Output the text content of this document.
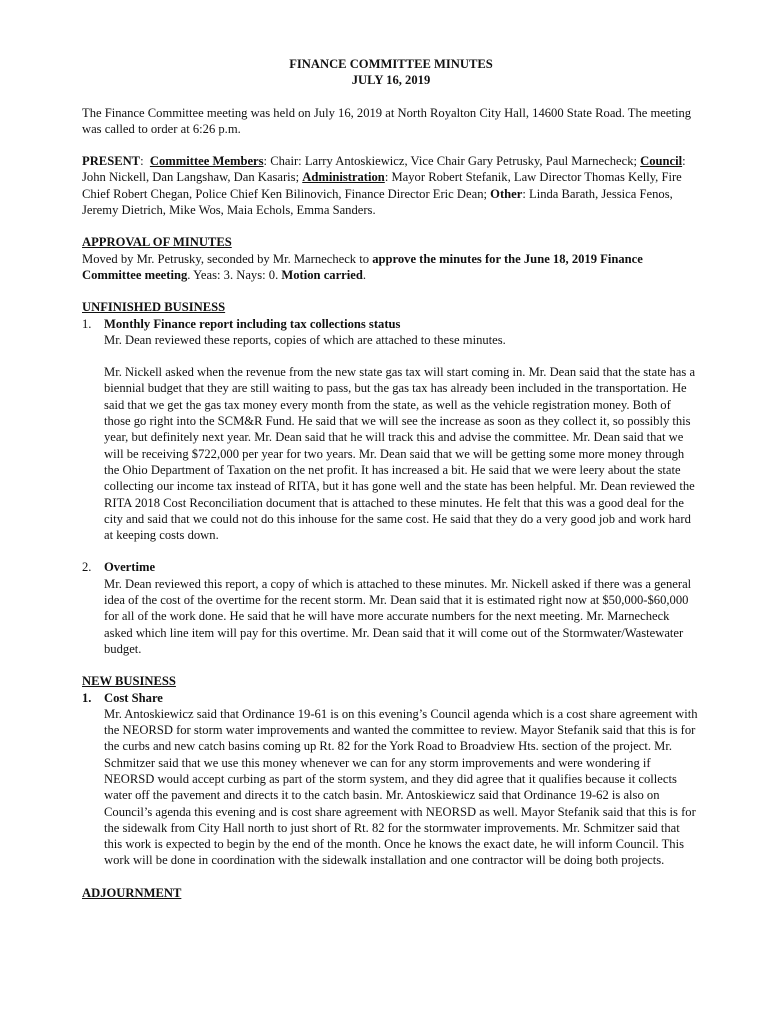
FINANCE COMMITTEE MINUTES

JULY 16, 2019

The Finance Committee meeting was held on July 16, 2019 at North Royalton City Hall, 14600 State Road. The meeting was called to order at 6:26 p.m.

PRESENT:  Committee Members: Chair: Larry Antoskiewicz, Vice Chair Gary Petrusky, Paul Marnecheck; Council: John Nickell, Dan Langshaw, Dan Kasaris; Administration: Mayor Robert Stefanik, Law Director Thomas Kelly, Fire Chief Robert Chegan, Police Chief Ken Bilinovich, Finance Director Eric Dean; Other: Linda Barath, Jessica Fenos, Jeremy Dietrich, Mike Wos, Maia Echols, Emma Sanders.

APPROVAL OF MINUTES

Moved by Mr. Petrusky, seconded by Mr. Marnecheck to approve the minutes for the June 18, 2019 Finance Committee meeting. Yeas: 3. Nays: 0. Motion carried.

UNFINISHED BUSINESS

1. Monthly Finance report including tax collections status

Mr. Dean reviewed these reports, copies of which are attached to these minutes.

Mr. Nickell asked when the revenue from the new state gas tax will start coming in. Mr. Dean said that the state has a biennial budget that they are still waiting to pass, but the gas tax has already been included in the transportation. He said that we get the gas tax money every month from the state, as well as the vehicle registration money. Both of those go right into the SCM&R Fund. He said that we will see the increase as soon as they collect it, so possibly this year, but definitely next year. Mr. Dean said that he will track this and advise the committee. Mr. Dean said that we will be receiving $722,000 per year for two years. Mr. Dean said that we will be getting some more money through the Ohio Department of Taxation on the net profit. It has increased a bit. He said that we were leery about the state collecting our income tax instead of RITA, but it has gone well and the state has been helpful. Mr. Dean reviewed the RITA 2018 Cost Reconciliation document that is attached to these minutes. He felt that this was a good deal for the city and said that we could not do this inhouse for the same cost. He said that they do a very good job and work hard at keeping costs down.

2. Overtime

Mr. Dean reviewed this report, a copy of which is attached to these minutes. Mr. Nickell asked if there was a general idea of the cost of the overtime for the recent storm. Mr. Dean said that it is estimated right now at $50,000-$60,000 for all of the work done. He said that he will have more accurate numbers for the next meeting. Mr. Marnecheck asked which line item will pay for this overtime. Mr. Dean said that it will come out of the Stormwater/Wastewater budget.

NEW BUSINESS

1. Cost Share

Mr. Antoskiewicz said that Ordinance 19-61 is on this evening’s Council agenda which is a cost share agreement with the NEORSD for storm water improvements and wanted the committee to review. Mayor Stefanik said that this is for the curbs and new catch basins coming up Rt. 82 for the York Road to Broadview Hts. section of the project. Mr. Schmitzer said that we use this money whenever we can for any storm improvements and were wondering if NEORSD would accept curbing as part of the storm system, and they did agree that it qualifies because it collects water off the pavement and directs it to the catch basin. Mr. Antoskiewicz said that Ordinance 19-62 is also on Council’s agenda this evening and is cost share agreement with NEORSD as well. Mayor Stefanik said that this is for the sidewalk from City Hall north to just short of Rt. 82 for the stormwater improvements. Mr. Schmitzer said that this work is expected to begin by the end of the month. Once he knows the exact date, he will inform Council. This work will be done in coordination with the sidewalk installation and one contractor will be doing both projects.

ADJOURNMENT
